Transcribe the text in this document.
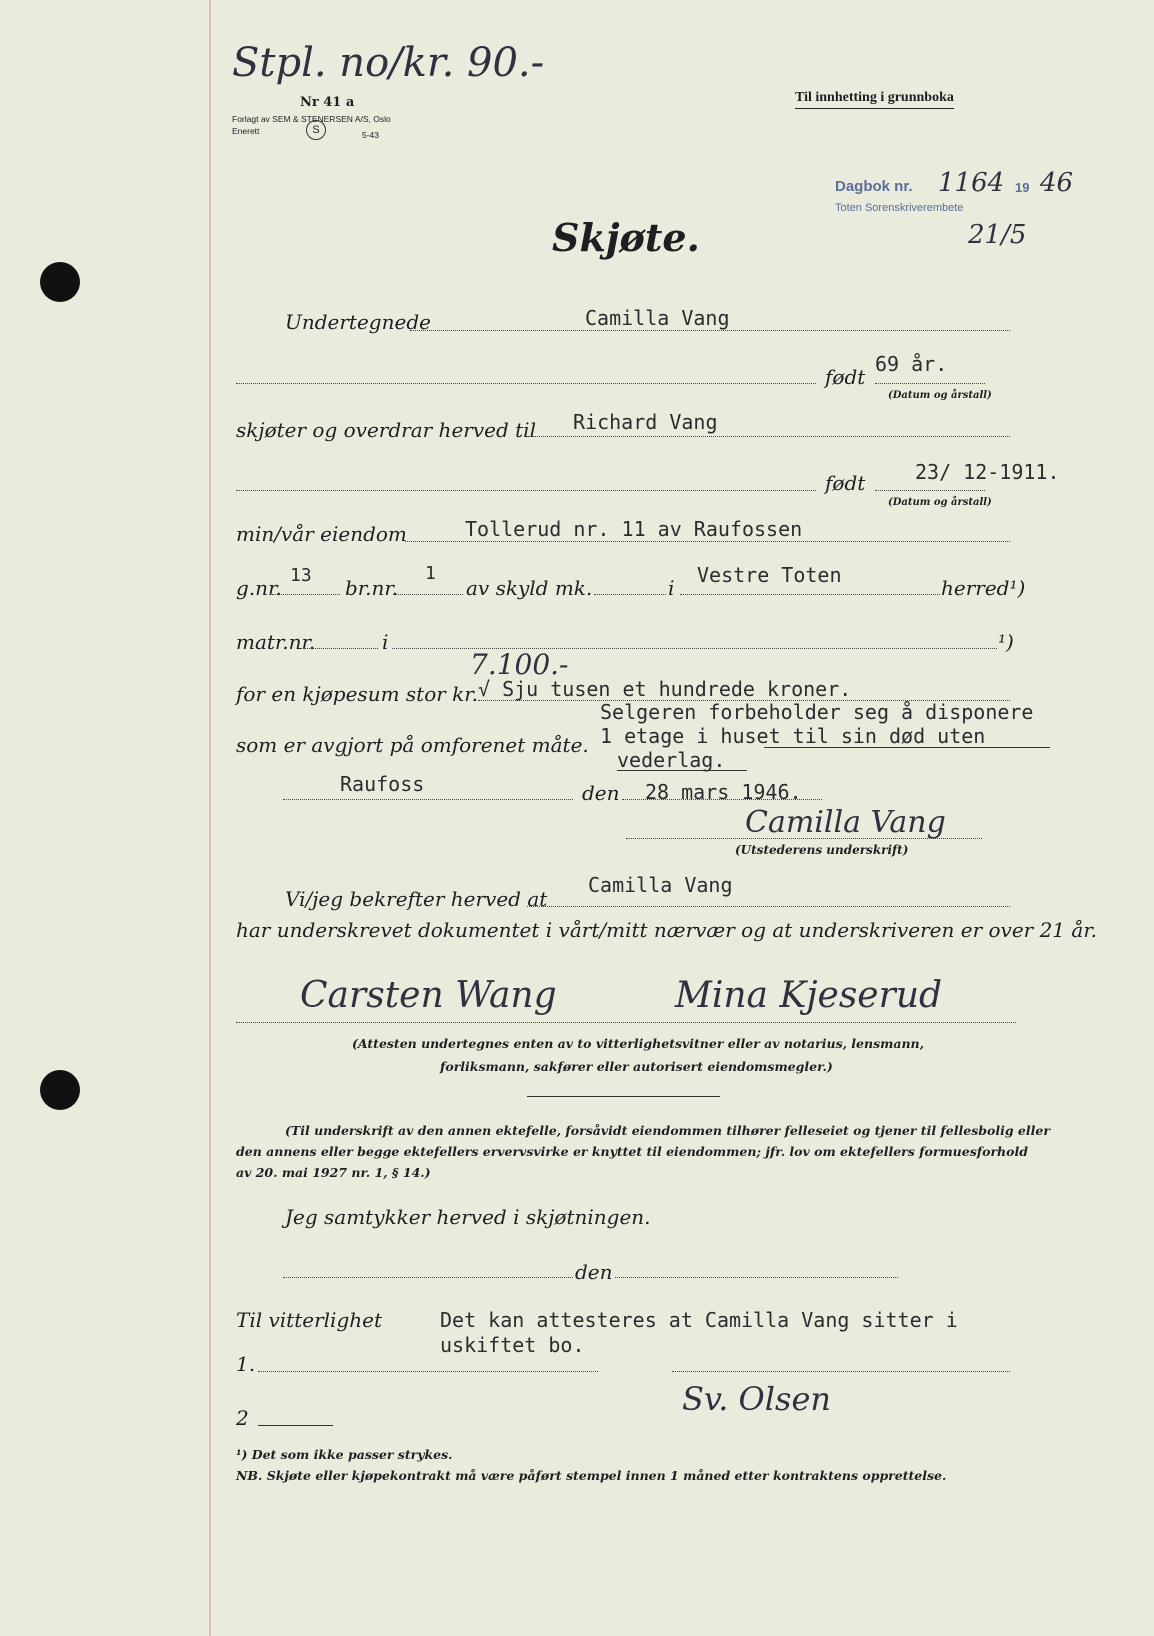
Stpl. no/kr. 90.-
Nr 41 a
Forlagt av SEM & STENERSEN A/S, Oslo
Enerett	S	5-43
Til innhetting i grunnboka
Dagbok nr. 1164 19 46
Toten Sorenskriverembete
21/5
Skjøte.
Undertegnede	Camilla Vang
født
69 år.
(Datum og årstall)
skjøter og overdrar herved til Richard Vang
født 23/ 12-1911.
(Datum og årstall)
min/vår eiendom	Tollerud nr. 11 av Raufossen
g.nr.
13
br.nr.
1
av skyld mk.	i
Vestre Toten
herred¹)
matr.nr.	i	¹)
for en kjøpesum stor kr.
7.100.-
√ Sju tusen et hundrede kroner.
som er avgjort på omforenet måte.
Selgeren forbeholder seg å disponere
1 etage i huset til sin død uten
vederlag.
Raufoss	den 28 mars 1946.
Camilla Vang
(Utstederens underskrift)
Vi/jeg bekrefter herved at
Camilla Vang
har underskrevet dokumentet i vårt/mitt nærvær og at underskriveren er over 21 år.
Carsten Wang	Mina Kjeserud
(Attesten undertegnes enten av to vitterlighetsvitner eller av notarius, lensmann,
forliksmann, sakfører eller autorisert eiendomsmegler.)
(Til underskrift av den annen ektefelle, forsåvidt eiendommen tilhører felleseiet og tjener til fellesbolig eller
den annens eller begge ektefellers ervervsvirke er knyttet til eiendommen; jfr. lov om ektefellers formuesforhold
av 20. mai 1927 nr. 1, § 14.)
Jeg samtykker herved i skjøtningen.
den
Til vitterlighet	Det kan attesteres at Camilla Vang sitter i
uskiftet bo.
1.
Sv. Olsen
2
¹) Det som ikke passer strykes.
NB. Skjøte eller kjøpekontrakt må være påført stempel innen 1 måned etter kontraktens opprettelse.
